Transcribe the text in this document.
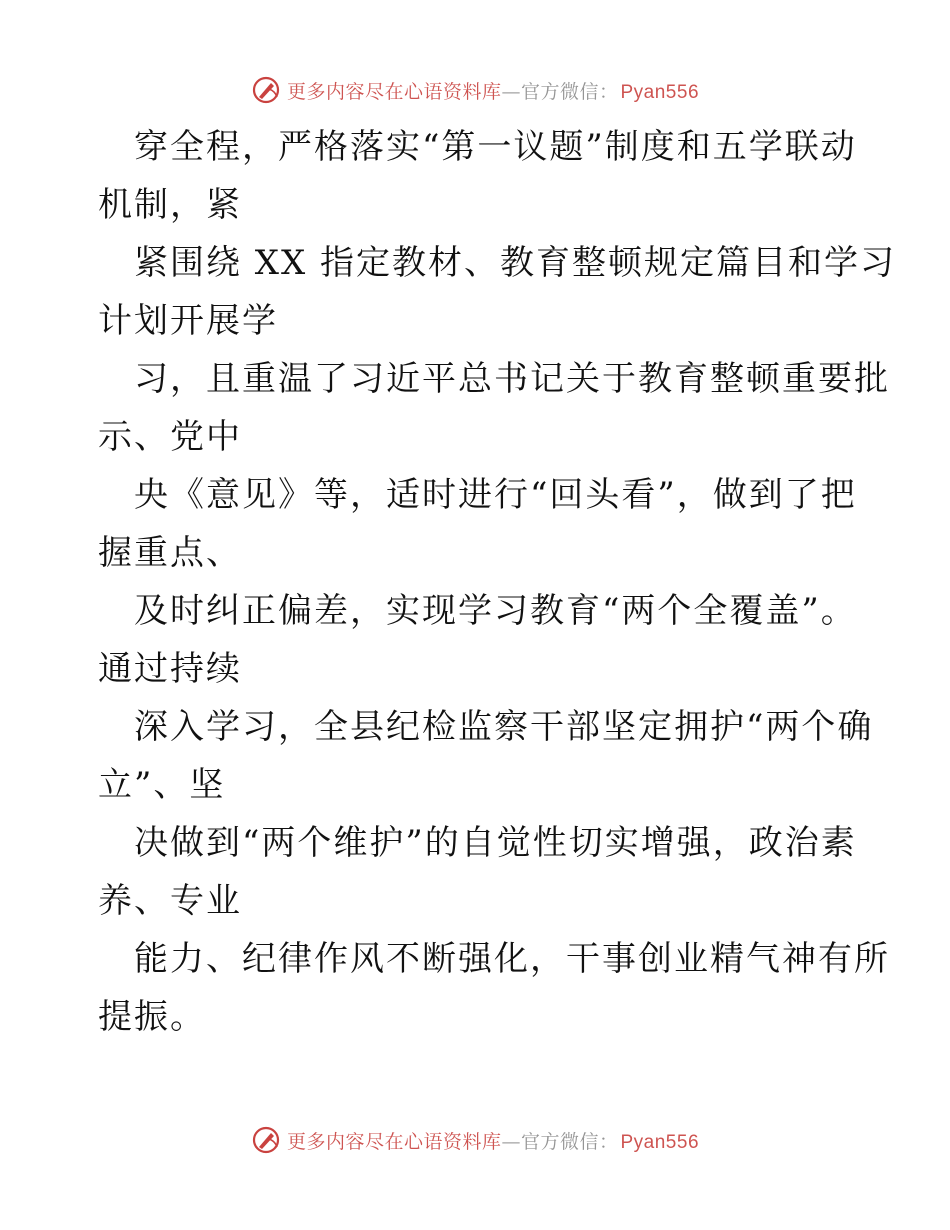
更多内容尽在心语资料库—官方微信： Pyan556
穿全程，严格落实“第一议题”制度和五学联动
机制，紧
紧围绕 XX 指定教材、教育整顿规定篇目和学习
计划开展学
习，且重温了习近平总书记关于教育整顿重要批
示、党中
央《意见》等，适时进行“回头看”，做到了把
握重点、
及时纠正偏差，实现学习教育“两个全覆盖”。
通过持续
深入学习，全县纪检监察干部坚定拥护“两个确
立”、坚
决做到“两个维护”的自觉性切实增强，政治素
养、专业
能力、纪律作风不断强化，干事创业精气神有所
提振。
更多内容尽在心语资料库—官方微信： Pyan556
